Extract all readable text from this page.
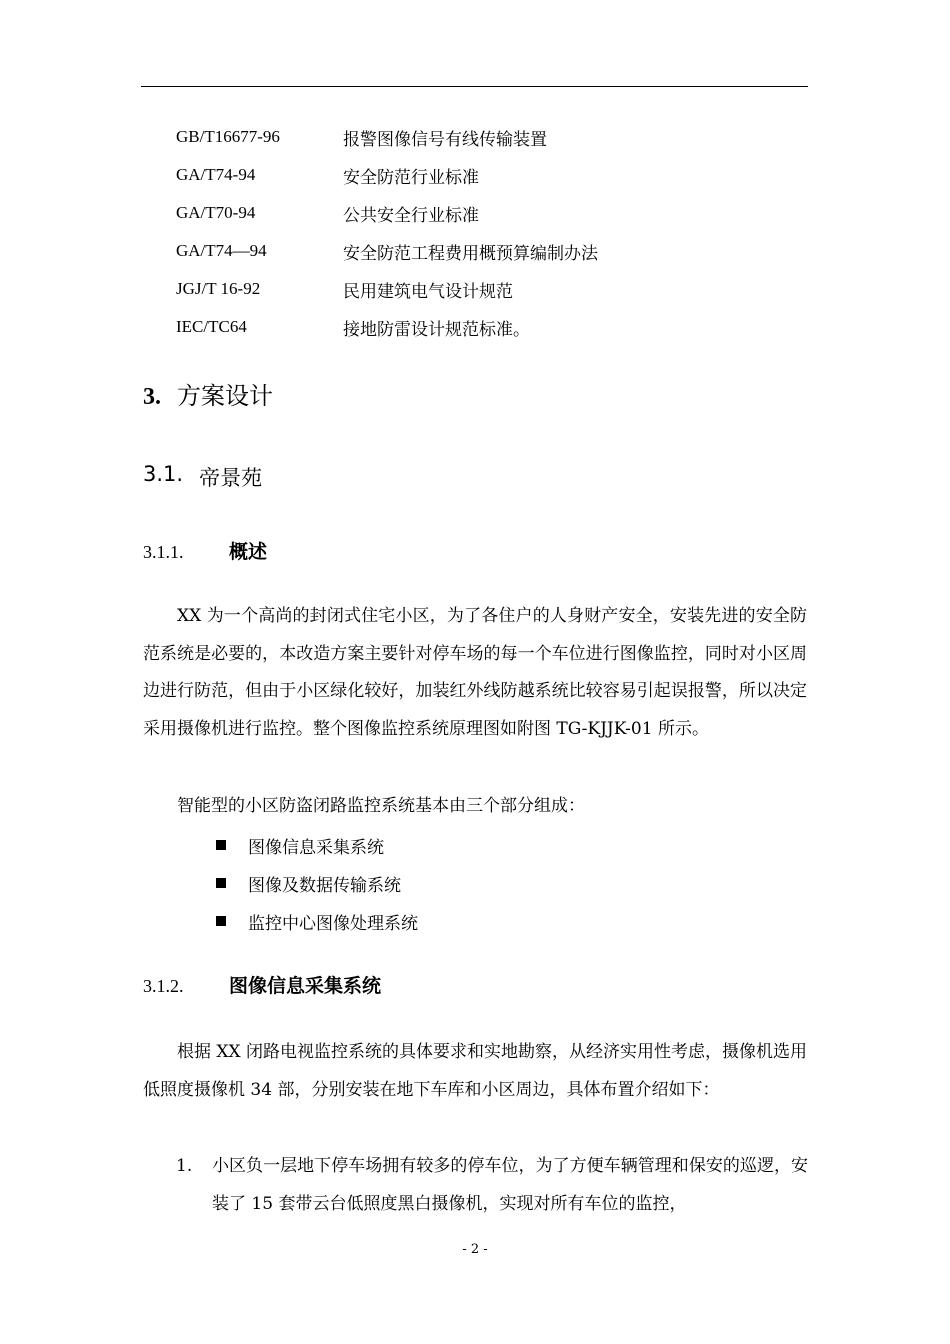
GB/T16677-96	报警图像信号有线传输装置
GA/T74-94	安全防范行业标准
GA/T70-94	公共安全行业标准
GA/T74—94	安全防范工程费用概预算编制办法
JGJ/T 16-92	民用建筑电气设计规范
IEC/TC64	接地防雷设计规范标准。
3. 方案设计
3.1. 帝景苑
3.1.1.	概述
XX 为一个高尚的封闭式住宅小区，为了各住户的人身财产安全，安装先进的安全防范系统是必要的，本改造方案主要针对停车场的每一个车位进行图像监控，同时对小区周边进行防范，但由于小区绿化较好，加装红外线防越系统比较容易引起误报警，所以决定采用摄像机进行监控。整个图像监控系统原理图如附图 TG-KJJK-01 所示。
智能型的小区防盗闭路监控系统基本由三个部分组成：
图像信息采集系统
图像及数据传输系统
监控中心图像处理系统
3.1.2.	图像信息采集系统
根据 XX 闭路电视监控系统的具体要求和实地勘察，从经济实用性考虑，摄像机选用低照度摄像机 34 部，分别安装在地下车库和小区周边，具体布置介绍如下：
1.	小区负一层地下停车场拥有较多的停车位，为了方便车辆管理和保安的巡逻，安装了 15 套带云台低照度黑白摄像机，实现对所有车位的监控，
- 2 -
